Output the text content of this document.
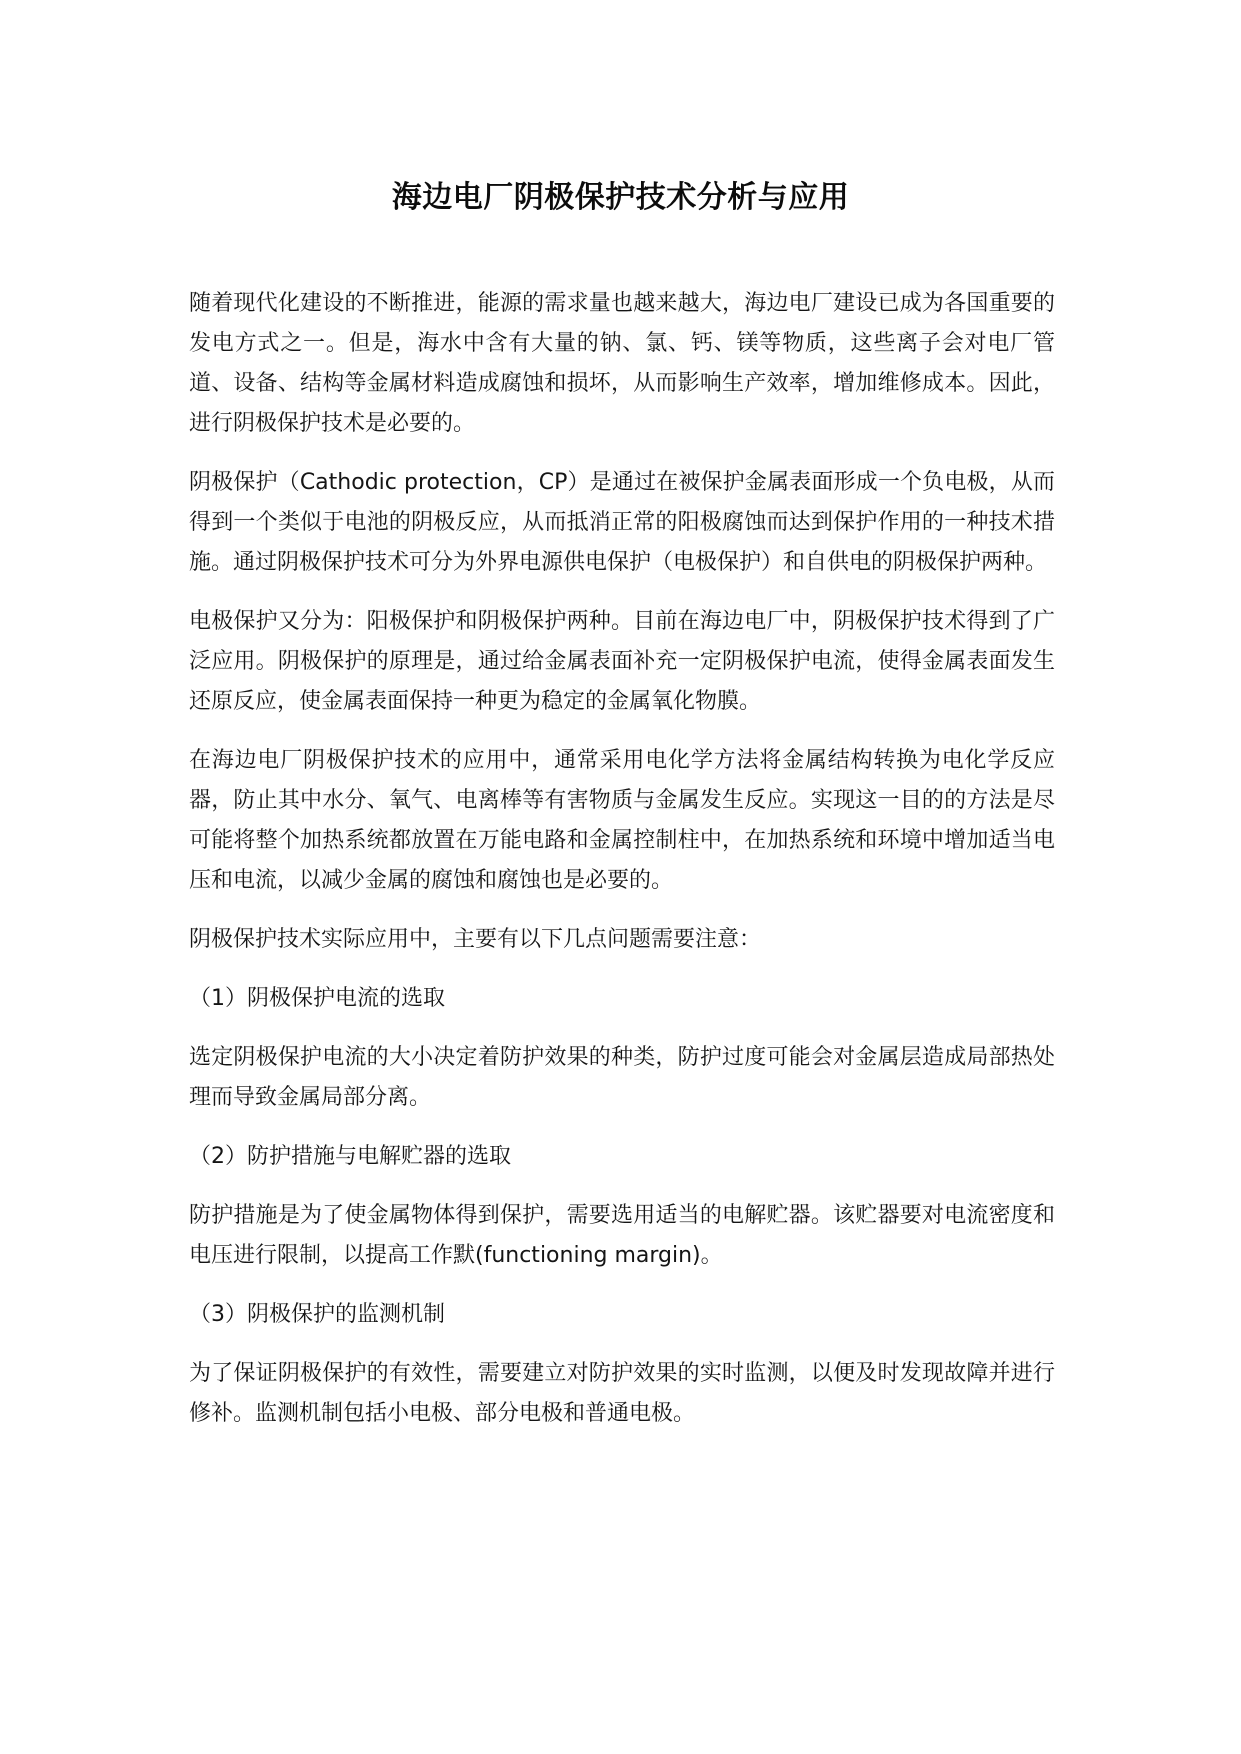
海边电厂阴极保护技术分析与应用

随着现代化建设的不断推进，能源的需求量也越来越大，海边电厂建设已成为各国重要的发电方式之一。但是，海水中含有大量的钠、氯、钙、镁等物质，这些离子会对电厂管道、设备、结构等金属材料造成腐蚀和损坏，从而影响生产效率，增加维修成本。因此，进行阴极保护技术是必要的。

阴极保护（Cathodic protection，CP）是通过在被保护金属表面形成一个负电极，从而得到一个类似于电池的阴极反应，从而抵消正常的阳极腐蚀而达到保护作用的一种技术措施。通过阴极保护技术可分为外界电源供电保护（电极保护）和自供电的阴极保护两种。

电极保护又分为：阳极保护和阴极保护两种。目前在海边电厂中，阴极保护技术得到了广泛应用。阴极保护的原理是，通过给金属表面补充一定阴极保护电流，使得金属表面发生还原反应，使金属表面保持一种更为稳定的金属氧化物膜。

在海边电厂阴极保护技术的应用中，通常采用电化学方法将金属结构转换为电化学反应器，防止其中水分、氧气、电离棒等有害物质与金属发生反应。实现这一目的的方法是尽可能将整个加热系统都放置在万能电路和金属控制柱中，在加热系统和环境中增加适当电压和电流，以减少金属的腐蚀和腐蚀也是必要的。

阴极保护技术实际应用中，主要有以下几点问题需要注意：

（1）阴极保护电流的选取

选定阴极保护电流的大小决定着防护效果的种类，防护过度可能会对金属层造成局部热处理而导致金属局部分离。

（2）防护措施与电解贮器的选取

防护措施是为了使金属物体得到保护，需要选用适当的电解贮器。该贮器要对电流密度和电压进行限制，以提高工作默(functioning margin)。

（3）阴极保护的监测机制

为了保证阴极保护的有效性，需要建立对防护效果的实时监测，以便及时发现故障并进行修补。监测机制包括小电极、部分电极和普通电极。
